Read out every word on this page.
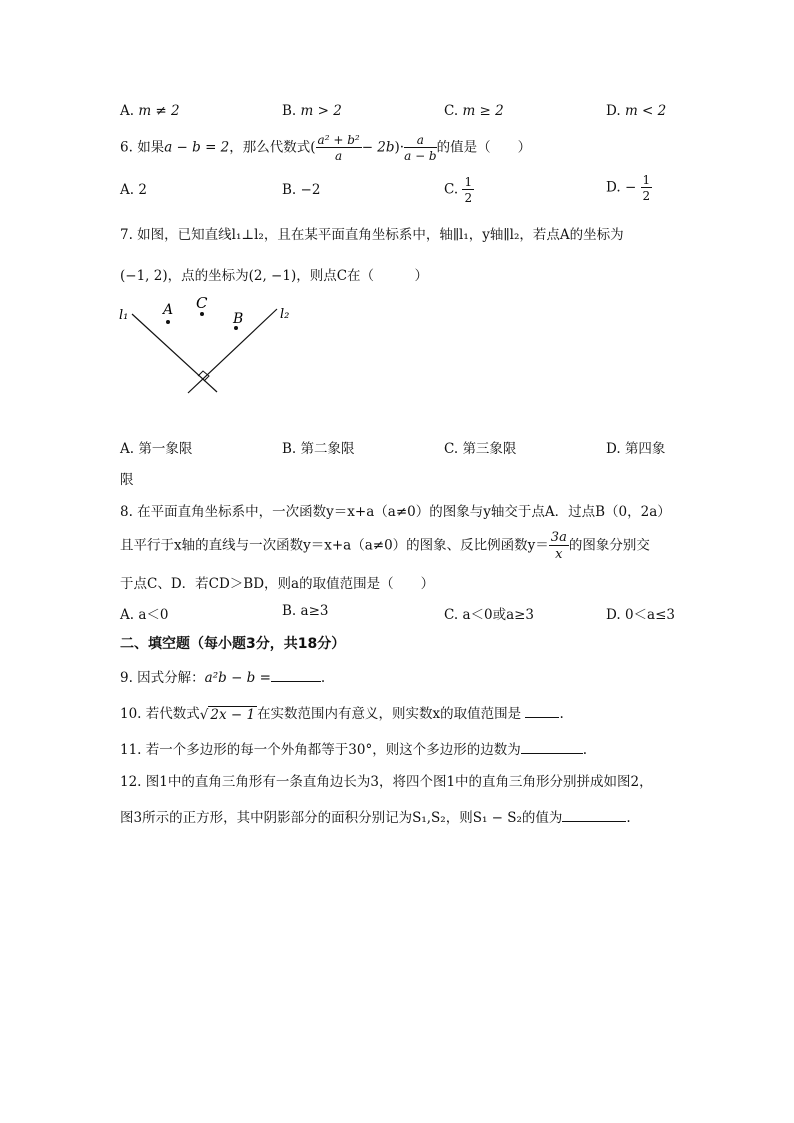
A. m ≠ 2	B. m > 2	C. m ≥ 2	D. m < 2
6. 如果a − b = 2，那么代数式( $\frac{\text{a² + b²}}{a} - 2b)\cdot \frac{a}{a - b}$ 的值是（　　）
A. 2	B. −2	C. $\frac{1}{2}$	D. − $\frac{1}{2}$
7. 如图，已知直线l₁⊥l₂，且在某平面直角坐标系中，轴∥l₁，y轴∥l₂，若点A的坐标为
(−1, 2)，点的坐标为(2, −1)，则点C在（　　　）
l₁	l₂
A C
B
A. 第一象限	B. 第二象限	C. 第三象限	D. 第四象
限
8. 在平面直角坐标系中，一次函数y＝x+a（a≠0）的图象与y轴交于点A．过点B（0，2a）
且平行于x轴的直线与一次函数y＝x+a（a≠0）的图象、反比例函数$y= \frac{3a}{x}$ 的图象分别交
于点C、D．若CD＞BD，则a的取值范围是（　　）
A. a＜0	B. a≥3	C. a＜0或a≥3	D. 0＜a≤3
二、填空题（每小题3分，共18分）
9. 因式分解：a²b − b =	.
10. 若代数式√ 2x − 1 在实数范围内有意义，则实数x的取值范围是	.
11. 若一个多边形的每一个外角都等于30°，则这个多边形的边数为	.
12. 图1中的直角三角形有一条直角边长为3，将四个图1中的直角三角形分别拼成如图2，
图3所示的正方形，其中阴影部分的面积分别记为S₁,S₂，则S₁ − S₂的值为	.
